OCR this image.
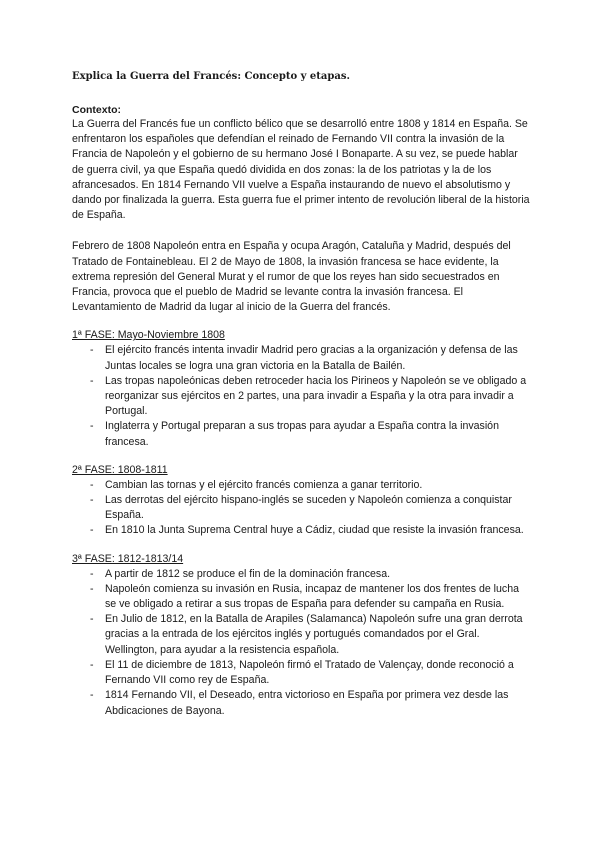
Explica la Guerra del Francés: Concepto y etapas.
Contexto:

La Guerra del Francés fue un conflicto bélico que se desarrolló entre 1808 y 1814 en España. Se enfrentaron los españoles que defendían el reinado de Fernando VII contra la invasión de la Francia de Napoleón y el gobierno de su hermano José I Bonaparte. A su vez, se puede hablar de guerra civil, ya que España quedó dividida en dos zonas: la de los patriotas y la de los afrancesados. En 1814 Fernando VII vuelve a España instaurando de nuevo el absolutismo y dando por finalizada la guerra. Esta guerra fue el primer intento de revolución liberal de la historia de España.

Febrero de 1808 Napoleón entra en España y ocupa Aragón, Cataluña y Madrid, después del Tratado de Fontainebleau. El 2 de Mayo de 1808, la invasión francesa se hace evidente, la extrema represión del General Murat y el rumor de que los reyes han sido secuestrados en Francia, provoca que el pueblo de Madrid se levante contra la invasión francesa. El Levantamiento de Madrid da lugar al inicio de la Guerra del francés.

1ª FASE: Mayo-Noviembre 1808
- El ejército francés intenta invadir Madrid pero gracias a la organización y defensa de las Juntas locales se logra una gran victoria en la Batalla de Bailén.
- Las tropas napoleónicas deben retroceder hacia los Pirineos y Napoleón se ve obligado a reorganizar sus ejércitos en 2 partes, una para invadir a España y la otra para invadir a Portugal.
- Inglaterra y Portugal preparan a sus tropas para ayudar a España contra la invasión francesa.
2ª FASE: 1808-1811
- Cambian las tornas y el ejército francés comienza a ganar territorio.
- Las derrotas del ejército hispano-inglés se suceden y Napoleón comienza a conquistar España.
- En 1810 la Junta Suprema Central huye a Cádiz, ciudad que resiste la invasión francesa.
3ª FASE: 1812-1813/14
- A partir de 1812 se produce el fin de la dominación francesa.
- Napoleón comienza su invasión en Rusia, incapaz de mantener los dos frentes de lucha se ve obligado a retirar a sus tropas de España para defender su campaña en Rusia.
- En Julio de 1812, en la Batalla de Arapiles (Salamanca) Napoleón sufre una gran derrota gracias a la entrada de los ejércitos inglés y portugués comandados por el Gral. Wellington, para ayudar a la resistencia española.
- El 11 de diciembre de 1813, Napoleón firmó el Tratado de Valençay, donde reconoció a Fernando VII como rey de España.
- 1814 Fernando VII, el Deseado, entra victorioso en España por primera vez desde las Abdicaciones de Bayona.
